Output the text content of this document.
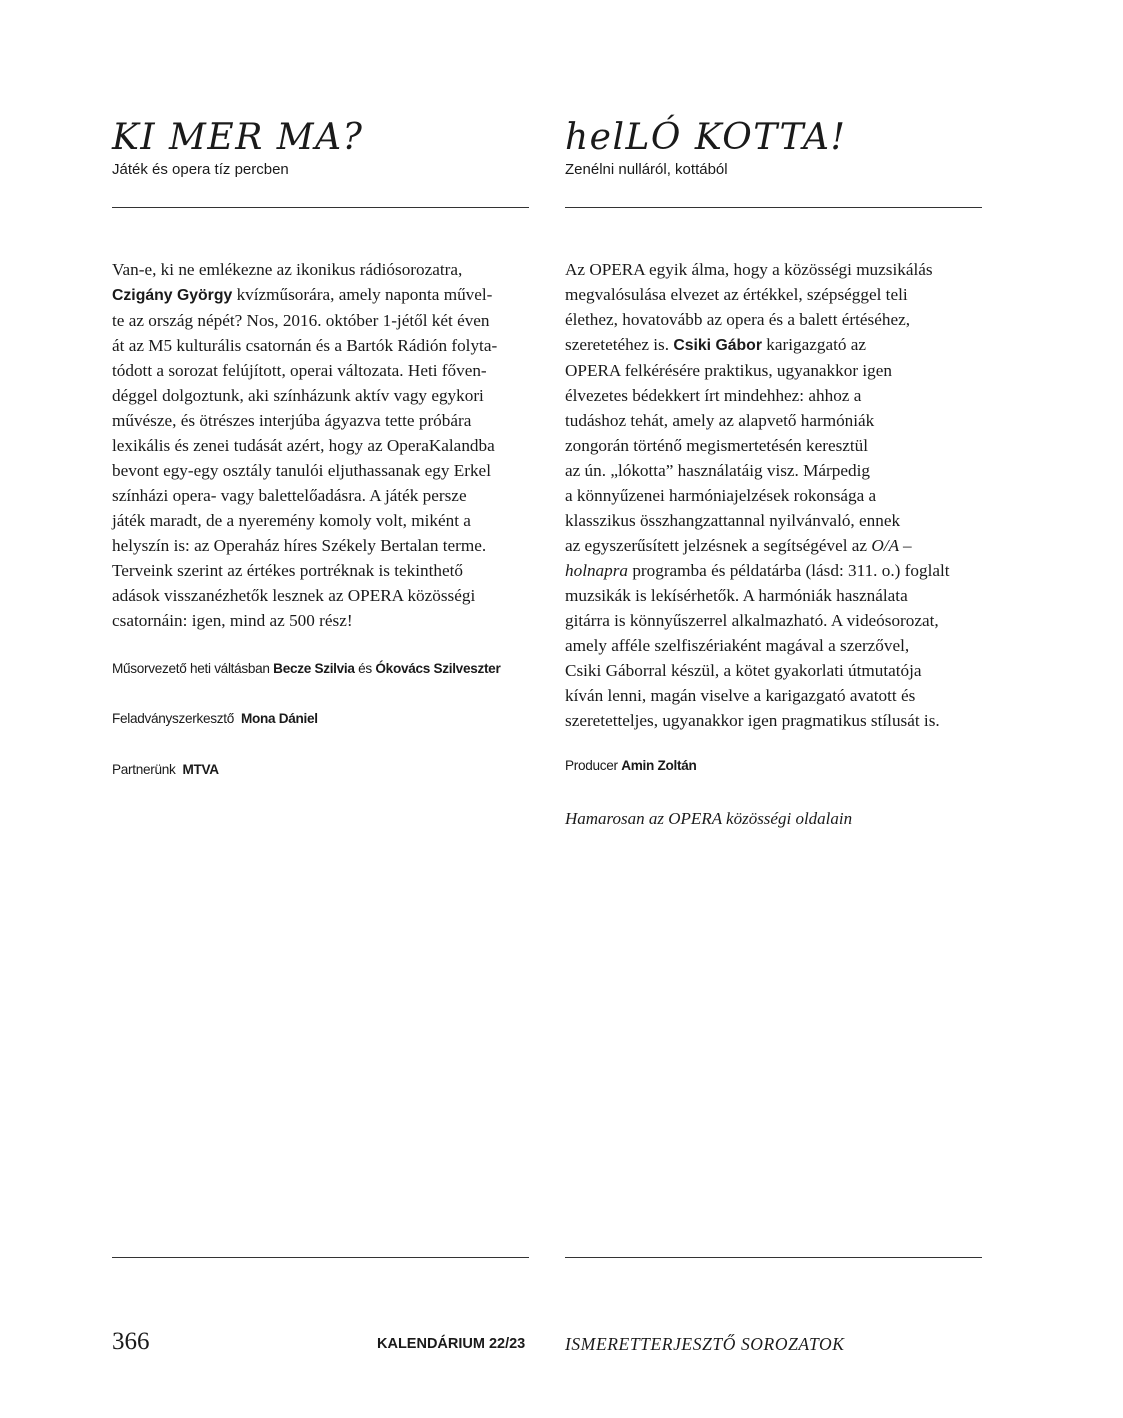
KI MER MA?
Játék és opera tíz percben

Van-e, ki ne emlékezne az ikonikus rádiósorozatra,
Czigány György kvízműsorára, amely naponta művel-
te az ország népét? Nos, 2016. október 1-jétől két éven
át az M5 kulturális csatornán és a Bartók Rádión folyta-
tódott a sorozat felújított, operai változata. Heti főven-
déggel dolgoztunk, aki színházunk aktív vagy egykori
művésze, és ötrészes interjúba ágyazva tette próbára
lexikális és zenei tudását azért, hogy az OperaKalandba
bevont egy-egy osztály tanulói eljuthassanak egy Erkel
színházi opera- vagy balettelőadásra. A játék persze
játék maradt, de a nyeremény komoly volt, miként a
helyszín is: az Operaház híres Székely Bertalan terme.
Terveink szerint az értékes portréknak is tekinthető
adások visszanézhetők lesznek az OPERA közösségi
csatornáin: igen, mind az 500 rész!

Műsorvezető heti váltásban Becze Szilvia és Ókovács Szilveszter

Feladványszerkesztő Mona Dániel

Partnerünk MTVA

helLÓ KOTTA!
Zenélni nulláról, kottából

Az OPERA egyik álma, hogy a közösségi muzsikálás
megvalósulása elvezet az értékkel, szépséggel teli
élethez, hovatovább az opera és a balett értéséhez,
szeretetéhez is. Csiki Gábor karigazgató az
OPERA felkérésére praktikus, ugyanakkor igen
élvezetes bédekkert írt mindehhez: ahhoz a
tudáshoz tehát, amely az alapvető harmóniák
zongorán történő megismertetésén keresztül
az ún. „lókotta” használatáig visz. Márpedig
a könnyűzenei harmóniajelzések rokonsága a
klasszikus összhangzattannal nyilvánvaló, ennek
az egyszerűsített jelzésnek a segítségével az O/A –
holnapra programba és példatárba (lásd: 311. o.) foglalt
muzsikák is lekísérhetők. A harmóniák használata
gitárra is könnyűszerrel alkalmazható. A videósorozat,
amely afféle szelfiszériaként magával a szerzővel,
Csiki Gáborral készül, a kötet gyakorlati útmutatója
kíván lenni, magán viselve a karigazgató avatott és
szeretetteljes, ugyanakkor igen pragmatikus stílusát is.

Producer Amin Zoltán

Hamarosan az OPERA közösségi oldalain

366	KALENDÁRIUM 22/23 ISMERETTERJESZTŐ SOROZATOK
